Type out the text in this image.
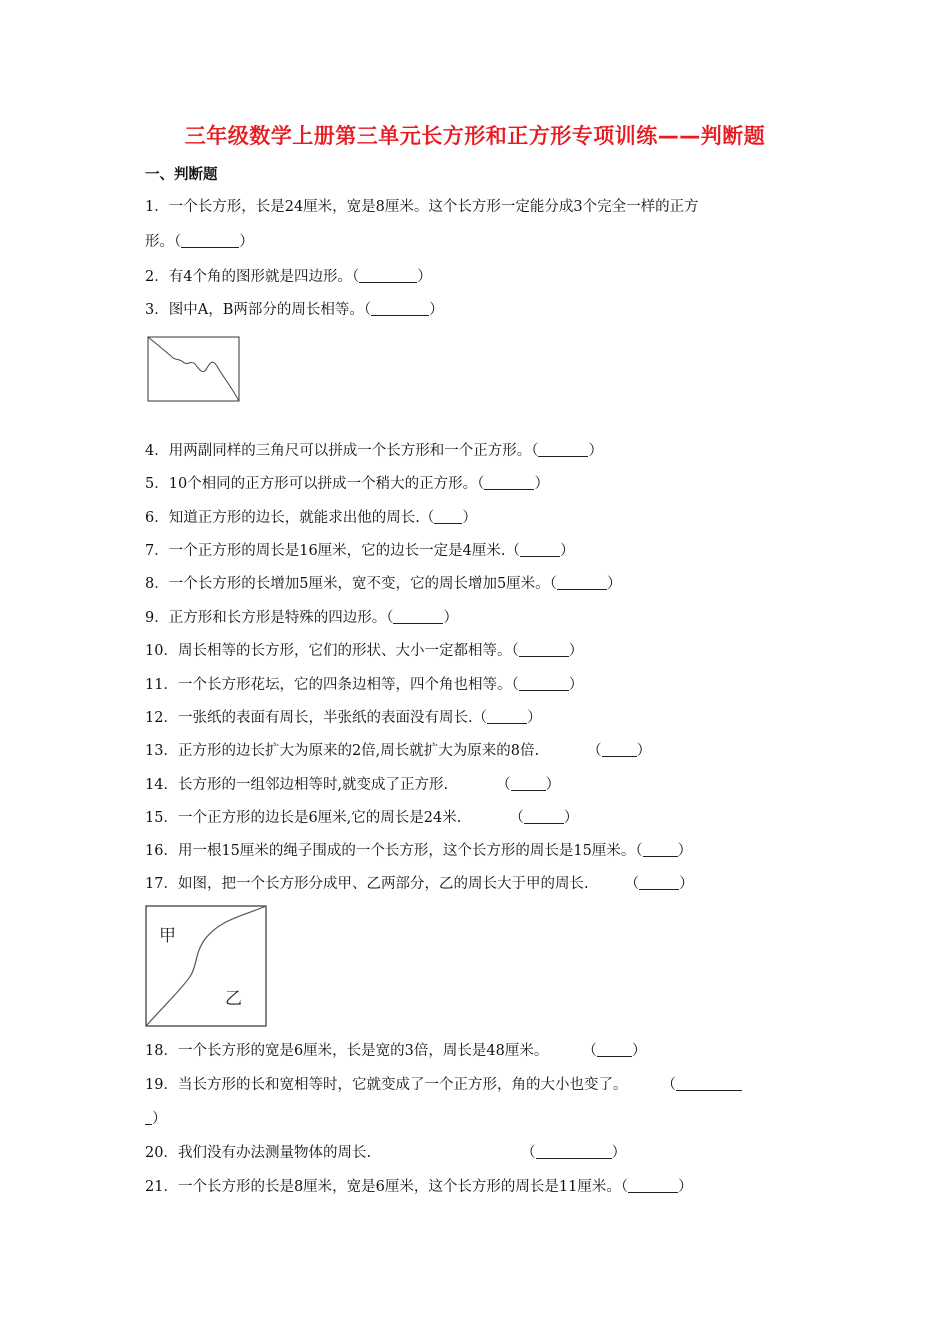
三年级数学上册第三单元长方形和正方形专项训练——判断题
一、判断题
1．一个长方形，长是24厘米，宽是8厘米。这个长方形一定能分成3个完全一样的正方
形。（	）
2．有4个角的图形就是四边形。（	）
3．图中A，B两部分的周长相等。（	）
4．用两副同样的三角尺可以拼成一个长方形和一个正方形。（	）
5．10个相同的正方形可以拼成一个稍大的正方形。（	）
6．知道正方形的边长，就能求出他的周长.（ ）
7．一个正方形的周长是16厘米，它的边长一定是4厘米.（	）
8．一个长方形的长增加5厘米，宽不变，它的周长增加5厘米。（	）
9．正方形和长方形是特殊的四边形。（	）
10．周长相等的长方形，它们的形状、大小一定都相等。（	）
11．一个长方形花坛，它的四条边相等，四个角也相等。（	）
12．一张纸的表面有周长，半张纸的表面没有周长.（	）
13．正方形的边长扩大为原来的2倍,周长就扩大为原来的8倍.	（ ）
14．长方形的一组邻边相等时,就变成了正方形.	（ ）
15．一个正方形的边长是6厘米,它的周长是24米.	（	）
16．用一根15厘米的绳子围成的一个长方形，这个长方形的周长是15厘米。（ ）
17．如图，把一个长方形分成甲、乙两部分，乙的周长大于甲的周长. （	）
甲
乙
18．一个长方形的宽是6厘米，长是宽的3倍，周长是48厘米。 （ ）
19．当长方形的长和宽相等时，它就变成了一个正方形，角的大小也变了。 （
）
20．我们没有办法测量物体的周长.	（	）
21．一个长方形的长是8厘米，宽是6厘米，这个长方形的周长是11厘米。（	）
